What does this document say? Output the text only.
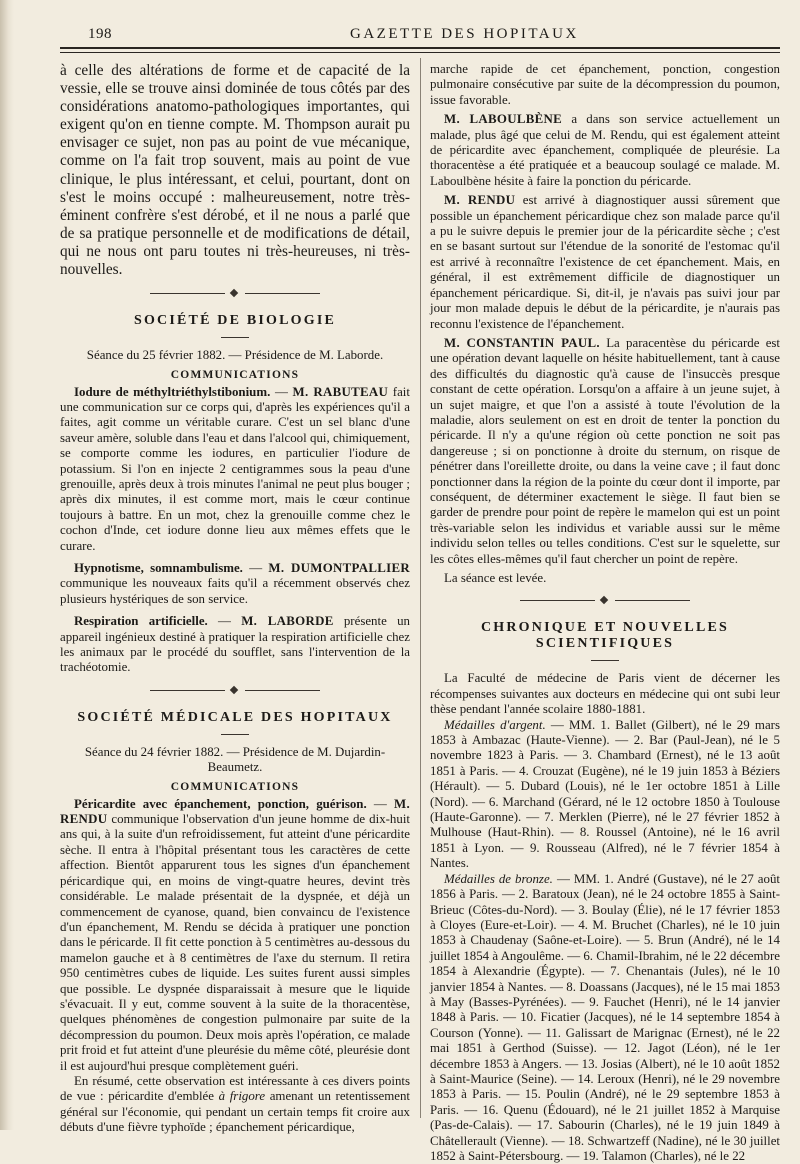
198	GAZETTE DES HOPITAUX

à celle des altérations de forme et de capacité de la vessie, elle se trouve ainsi dominée de tous côtés par des considérations anatomo-pathologiques importantes, qui exigent qu'on en tienne compte. M. Thompson aurait pu envisager ce sujet, non pas au point de vue mécanique, comme on l'a fait trop souvent, mais au point de vue clinique, le plus intéressant, et celui, pourtant, dont on s'est le moins occupé : malheureusement, notre très-éminent confrère s'est dérobé, et il ne nous a parlé que de sa pratique personnelle et de modifications de détail, qui ne nous ont paru toutes ni très-heureuses, ni très-nouvelles.

SOCIÉTÉ DE BIOLOGIE

Séance du 25 février 1882. — Présidence de M. Laborde.

COMMUNICATIONS

Iodure de méthyltriéthylstibonium. — M. RABUTEAU fait une communication sur ce corps qui, d'après les expériences qu'il a faites, agit comme un véritable curare. C'est un sel blanc d'une saveur amère, soluble dans l'eau et dans l'alcool qui, chimiquement, se comporte comme les iodures, en particulier l'iodure de potassium. Si l'on en injecte 2 centigrammes sous la peau d'une grenouille, après deux à trois minutes l'animal ne peut plus bouger ; après dix minutes, il est comme mort, mais le cœur continue toujours à battre. En un mot, chez la grenouille comme chez le cochon d'Inde, cet iodure donne lieu aux mêmes effets que le curare.

Hypnotisme, somnambulisme. — M. DUMONTPALLIER communique les nouveaux faits qu'il a récemment observés chez plusieurs hystériques de son service.

Respiration artificielle. — M. LABORDE présente un appareil ingénieux destiné à pratiquer la respiration artificielle chez les animaux par le procédé du soufflet, sans l'intervention de la trachéotomie.

SOCIÉTÉ MÉDICALE DES HOPITAUX

Séance du 24 février 1882. — Présidence de M. Dujardin-Beaumetz.

COMMUNICATIONS

Péricardite avec épanchement, ponction, guérison. — M. RENDU communique l'observation d'un jeune homme de dix-huit ans qui, à la suite d'un refroidissement, fut atteint d'une péricardite sèche. Il entra à l'hôpital présentant tous les caractères de cette affection. Bientôt apparurent tous les signes d'un épanchement péricardique qui, en moins de vingt-quatre heures, devint très considérable. Le malade présentait de la dyspnée, et déjà un commencement de cyanose, quand, bien convaincu de l'existence d'un épanchement, M. Rendu se décida à pratiquer une ponction dans le péricarde. Il fit cette ponction à 5 centimètres au-dessous du mamelon gauche et à 8 centimètres de l'axe du sternum. Il retira 950 centimètres cubes de liquide. Les suites furent aussi simples que possible. Le dyspnée disparaissait à mesure que le liquide s'évacuait. Il y eut, comme souvent à la suite de la thoracentèse, quelques phénomènes de congestion pulmonaire par suite de la décompression du poumon. Deux mois après l'opération, ce malade prit froid et fut atteint d'une pleurésie du même côté, pleurésie dont il est aujourd'hui presque complètement guéri.

En résumé, cette observation est intéressante à ces divers points de vue : péricardite d'emblée à frigore amenant un retentissement général sur l'économie, qui pendant un certain temps fit croire aux débuts d'une fièvre typhoïde ; épanchement péricardique,

marche rapide de cet épanchement, ponction, congestion pulmonaire consécutive par suite de la décompression du poumon, issue favorable.

M. LABOULBÈNE a dans son service actuellement un malade, plus âgé que celui de M. Rendu, qui est également atteint de péricardite avec épanchement, compliquée de pleurésie. La thoracentèse a été pratiquée et a beaucoup soulagé ce malade. M. Laboulbène hésite à faire la ponction du péricarde.

M. RENDU est arrivé à diagnostiquer aussi sûrement que possible un épanchement péricardique chez son malade parce qu'il a pu le suivre depuis le premier jour de la péricardite sèche ; c'est en se basant surtout sur l'étendue de la sonorité de l'estomac qu'il est arrivé à reconnaître l'existence de cet épanchement. Mais, en général, il est extrêmement difficile de diagnostiquer un épanchement péricardique. Si, dit-il, je n'avais pas suivi jour par jour mon malade depuis le début de la péricardite, je n'aurais pas reconnu l'existence de l'épanchement.

M. CONSTANTIN PAUL. La paracentèse du péricarde est une opération devant laquelle on hésite habituellement, tant à cause des difficultés du diagnostic qu'à cause de l'insuccès presque constant de cette opération. Lorsqu'on a affaire à un jeune sujet, à un sujet maigre, et que l'on a assisté à toute l'évolution de la maladie, alors seulement on est en droit de tenter la ponction du péricarde. Il n'y a qu'une région où cette ponction ne soit pas dangereuse ; si on ponctionne à droite du sternum, on risque de pénétrer dans l'oreillette droite, ou dans la veine cave ; il faut donc ponctionner dans la région de la pointe du cœur dont il importe, par conséquent, de déterminer exactement le siège. Il faut bien se garder de prendre pour point de repère le mamelon qui est un point très-variable selon les individus et variable aussi sur le même individu selon telles ou telles conditions. C'est sur le squelette, sur les côtes elles-mêmes qu'il faut chercher un point de repère.

La séance est levée.

CHRONIQUE ET NOUVELLES SCIENTIFIQUES

La Faculté de médecine de Paris vient de décerner les récompenses suivantes aux docteurs en médecine qui ont subi leur thèse pendant l'année scolaire 1880-1881.

Médailles d'argent. — MM. 1. Ballet (Gilbert), né le 29 mars 1853 à Ambazac (Haute-Vienne). — 2. Bar (Paul-Jean), né le 5 novembre 1823 à Paris. — 3. Chambard (Ernest), né le 13 août 1851 à Paris. — 4. Crouzat (Eugène), né le 19 juin 1853 à Béziers (Hérault). — 5. Dubard (Louis), né le 1er octobre 1851 à Lille (Nord). — 6. Marchand (Gérard, né le 12 octobre 1850 à Toulouse (Haute-Garonne). — 7. Merklen (Pierre), né le 27 février 1852 à Mulhouse (Haut-Rhin). — 8. Roussel (Antoine), né le 16 avril 1851 à Lyon. — 9. Rousseau (Alfred), né le 7 février 1854 à Nantes.

Médailles de bronze. — MM. 1. André (Gustave), né le 27 août 1856 à Paris. — 2. Baratoux (Jean), né le 24 octobre 1855 à Saint-Brieuc (Côtes-du-Nord). — 3. Boulay (Élie), né le 17 février 1853 à Cloyes (Eure-et-Loir). — 4. M. Bruchet (Charles), né le 10 juin 1853 à Chaudenay (Saône-et-Loire). — 5. Brun (André), né le 14 juillet 1854 à Angoulême. — 6. Chamil-Ibrahim, né le 22 décembre 1854 à Alexandrie (Égypte). — 7. Chenantais (Jules), né le 10 janvier 1854 à Nantes. — 8. Doassans (Jacques), né le 15 mai 1853 à May (Basses-Pyrénées). — 9. Fauchet (Henri), né le 14 janvier 1848 à Paris. — 10. Ficatier (Jacques), né le 14 septembre 1854 à Courson (Yonne). — 11. Galissart de Marignac (Ernest), né le 22 mai 1851 à Gerthod (Suisse). — 12. Jagot (Léon), né le 1er décembre 1853 à Angers. — 13. Josias (Albert), né le 10 août 1852 à Saint-Maurice (Seine). — 14. Leroux (Henri), né le 29 novembre 1853 à Paris. — 15. Poulin (André), né le 29 septembre 1853 à Paris. — 16. Quenu (Édouard), né le 21 juillet 1852 à Marquise (Pas-de-Calais). — 17. Sabourin (Charles), né le 19 juin 1849 à Châtellerault (Vienne). — 18. Schwartzeff (Nadine), né le 30 juillet 1852 à Saint-Pétersbourg. — 19. Talamon (Charles), né le 22
